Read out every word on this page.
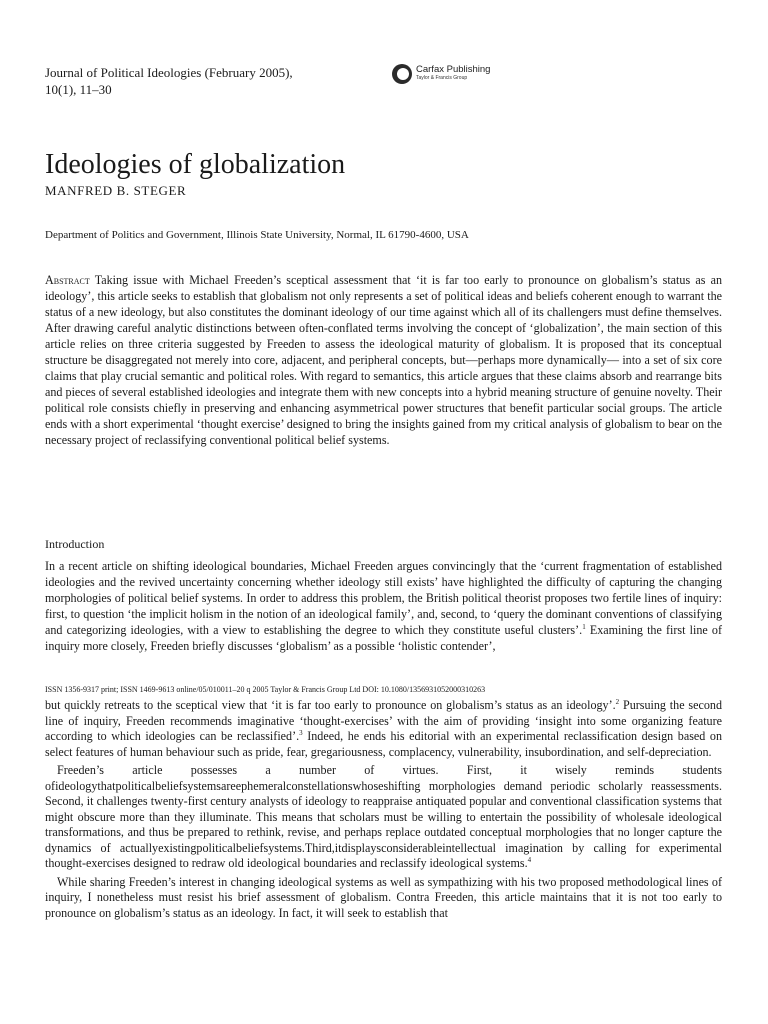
Journal of Political Ideologies (February 2005),
10(1), 11–30
Carfax Publishing
Taylor & Francis Group
Ideologies of globalization
MANFRED B. STEGER
Department of Politics and Government, Illinois State University, Normal, IL 61790-4600, USA
Abstract Taking issue with Michael Freeden’s sceptical assessment that ‘it is far too early to pronounce on globalism’s status as an ideology’, this article seeks to establish that globalism not only represents a set of political ideas and beliefs coherent enough to warrant the status of a new ideology, but also constitutes the dominant ideology of our time against which all of its challengers must define themselves. After drawing careful analytic distinctions between often-conflated terms involving the concept of ‘globalization’, the main section of this article relies on three criteria suggested by Freeden to assess the ideological maturity of globalism. It is proposed that its conceptual structure be disaggregated not merely into core, adjacent, and peripheral concepts, but—perhaps more dynamically— into a set of six core claims that play crucial semantic and political roles. With regard to semantics, this article argues that these claims absorb and rearrange bits and pieces of several established ideologies and integrate them with new concepts into a hybrid meaning structure of genuine novelty. Their political role consists chiefly in preserving and enhancing asymmetrical power structures that benefit particular social groups. The article ends with a short experimental ‘thought exercise’ designed to bring the insights gained from my critical analysis of globalism to bear on the necessary project of reclassifying conventional political belief systems.
Introduction
In a recent article on shifting ideological boundaries, Michael Freeden argues convincingly that the ‘current fragmentation of established ideologies and the revived uncertainty concerning whether ideology still exists’ have highlighted the difficulty of capturing the changing morphologies of political belief systems. In order to address this problem, the British political theorist proposes two fertile lines of inquiry: first, to question ‘the implicit holism in the notion of an ideological family’, and, second, to ‘query the dominant conventions of classifying and categorizing ideologies, with a view to establishing the degree to which they constitute useful clusters’.$^1$ Examining the first line of inquiry more closely, Freeden briefly discusses ‘globalism’ as a possible ‘holistic contender’,
ISSN 1356-9317 print; ISSN 1469-9613 online/05/010011–20 q 2005 Taylor & Francis Group Ltd DOI: 10.1080/1356931052000310263

but quickly retreats to the sceptical view that ‘it is far too early to pronounce on globalism’s status as an ideology’.$^2$ Pursuing the second line of inquiry, Freeden recommends imaginative ‘thought-exercises’ with the aim of providing ‘insight into some organizing feature according to which ideologies can be reclassified’.$^3$ Indeed, he ends his editorial with an experimental reclassification design based on select features of human behaviour such as pride, fear, gregariousness, complacency, vulnerability, insubordination, and self-depreciation.

Freeden’s article possesses a number of virtues. First, it wisely reminds students ofideologythatpoliticalbeliefsystemsareephemeralconstellationswhoseshifting morphologies demand periodic scholarly reassessments. Second, it challenges twenty-first century analysts of ideology to reappraise antiquated popular and conventional classification systems that might obscure more than they illuminate. This means that scholars must be willing to entertain the possibility of wholesale ideological transformations, and thus be prepared to rethink, revise, and perhaps replace outdated conceptual morphologies that no longer capture the dynamics of actuallyexistingpoliticalbeliefsystems.Third,itdisplaysconsiderableintellectual imagination by calling for experimental thought-exercises designed to redraw old ideological boundaries and reclassify ideological systems.$^4$

While sharing Freeden’s interest in changing ideological systems as well as sympathizing with his two proposed methodological lines of inquiry, I nonetheless must resist his brief assessment of globalism. Contra Freeden, this article maintains that it is not too early to pronounce on globalism’s status as an ideology. In fact, it will seek to establish that
